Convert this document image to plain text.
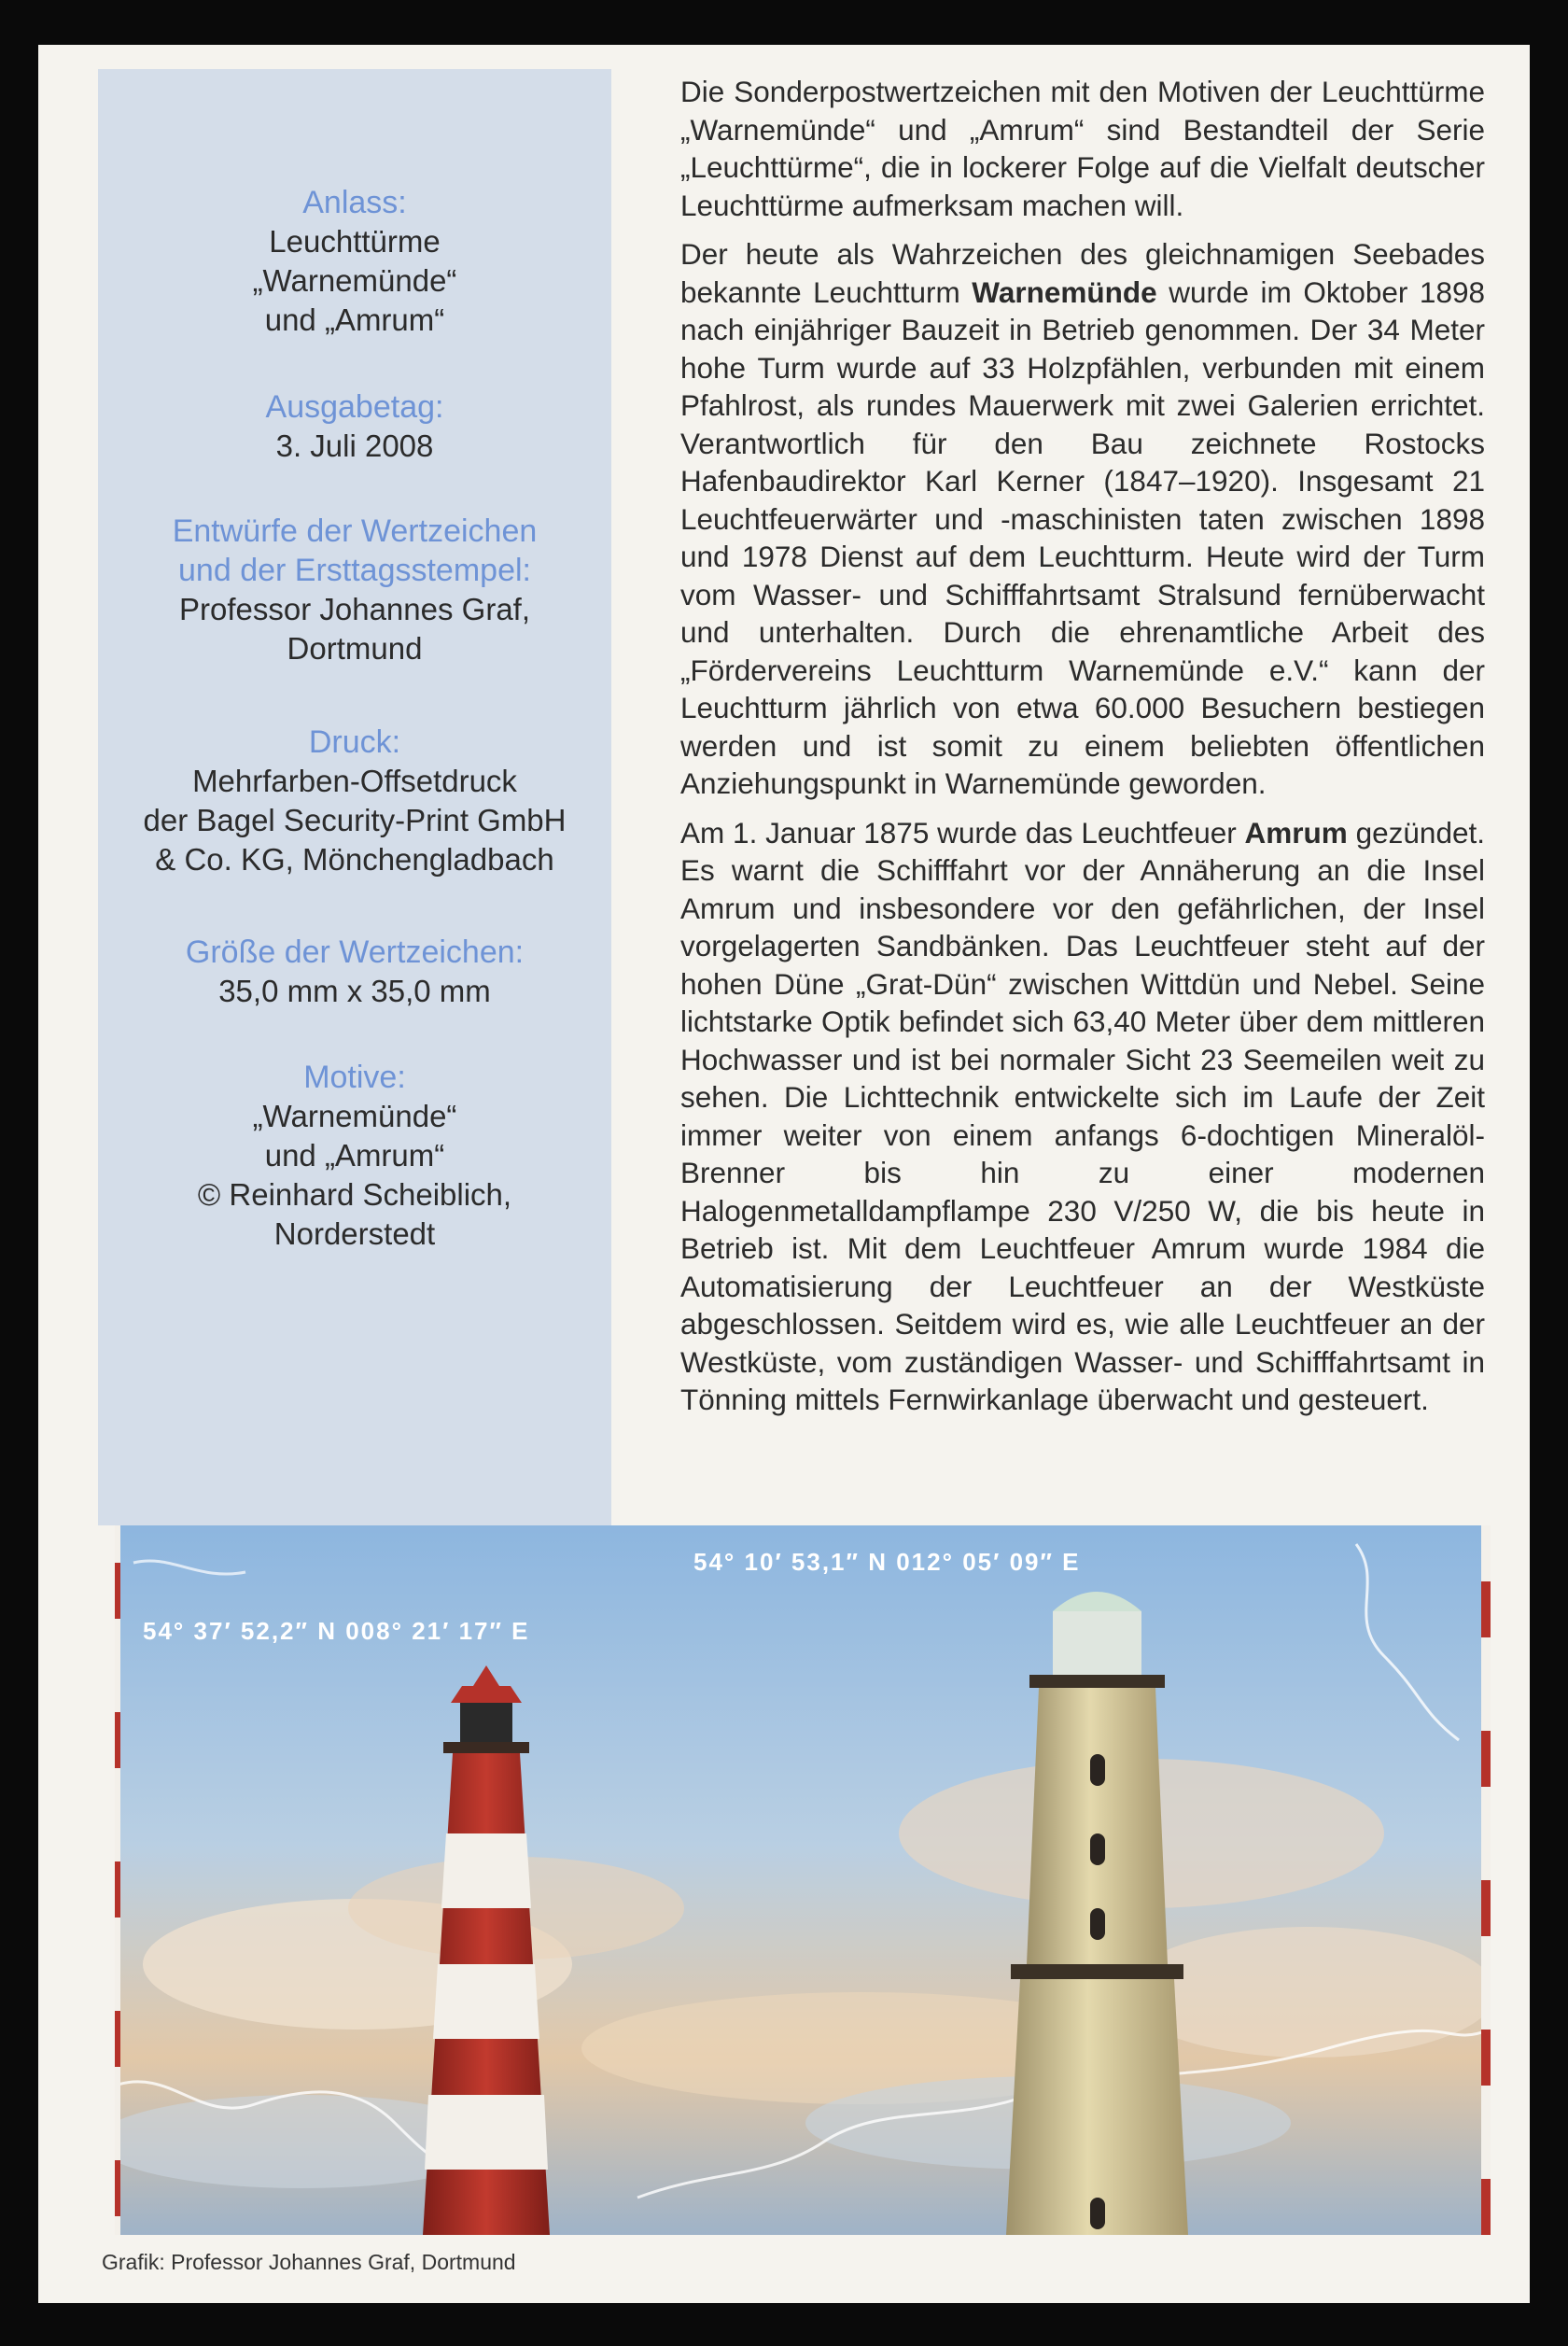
Anlass:
Leuchttürme
„Warnemünde“
und „Amrum“
Ausgabetag:
3. Juli 2008
Entwürfe der Wertzeichen
und der Ersttagsstempel:
Professor Johannes Graf,
Dortmund
Druck:
Mehrfarben-Offsetdruck
der Bagel Security-Print GmbH
& Co. KG, Mönchengladbach
Größe der Wertzeichen:
35,0 mm x 35,0 mm
Motive:
„Warnemünde“
und „Amrum“
© Reinhard Scheiblich,
Norderstedt

Die Sonderpostwertzeichen mit den Motiven der Leuchttürme „Warnemünde“ und „Amrum“ sind Bestandteil der Serie „Leuchttürme“, die in lockerer Folge auf die Vielfalt deutscher Leuchttürme aufmerksam machen will.

Der heute als Wahrzeichen des gleichnamigen Seebades bekannte Leuchtturm Warnemünde wurde im Oktober 1898 nach einjähriger Bauzeit in Betrieb genommen. Der 34 Meter hohe Turm wurde auf 33 Holzpfählen, verbunden mit einem Pfahlrost, als rundes Mauerwerk mit zwei Galerien errichtet. Verantwortlich für den Bau zeichnete Rostocks Hafenbaudirektor Karl Kerner (1847–1920). Insgesamt 21 Leuchtfeuerwärter und -maschinisten taten zwischen 1898 und 1978 Dienst auf dem Leuchtturm. Heute wird der Turm vom Wasser- und Schifffahrtsamt Stralsund fernüberwacht und unterhalten. Durch die ehrenamtliche Arbeit des „Fördervereins Leuchtturm Warnemünde e.V.“ kann der Leuchtturm jährlich von etwa 60.000 Besuchern bestiegen werden und ist somit zu einem beliebten öffentlichen Anziehungspunkt in Warnemünde geworden.

Am 1. Januar 1875 wurde das Leuchtfeuer Amrum gezündet. Es warnt die Schifffahrt vor der Annäherung an die Insel Amrum und insbesondere vor den gefährlichen, der Insel vorgelagerten Sandbänken. Das Leuchtfeuer steht auf der hohen Düne „Grat-Dün“ zwischen Wittdün und Nebel. Seine lichtstarke Optik befindet sich 63,40 Meter über dem mittleren Hochwasser und ist bei normaler Sicht 23 Seemeilen weit zu sehen. Die Lichttechnik entwickelte sich im Laufe der Zeit immer weiter von einem anfangs 6-dochtigen Mineralöl-Brenner bis hin zu einer modernen Halogenmetalldampflampe 230 V/250 W, die bis heute in Betrieb ist. Mit dem Leuchtfeuer Amrum wurde 1984 die Automatisierung der Leuchtfeuer an der Westküste abgeschlossen. Seitdem wird es, wie alle Leuchtfeuer an der Westküste, vom zuständigen Wasser- und Schifffahrtsamt in Tönning mittels Fernwirkanlage überwacht und gesteuert.

54° 37′ 52,2″ N 008° 21′ 17″ E
54° 10′ 53,1″ N 012° 05′ 09″ E
Grafik: Professor Johannes Graf, Dortmund
